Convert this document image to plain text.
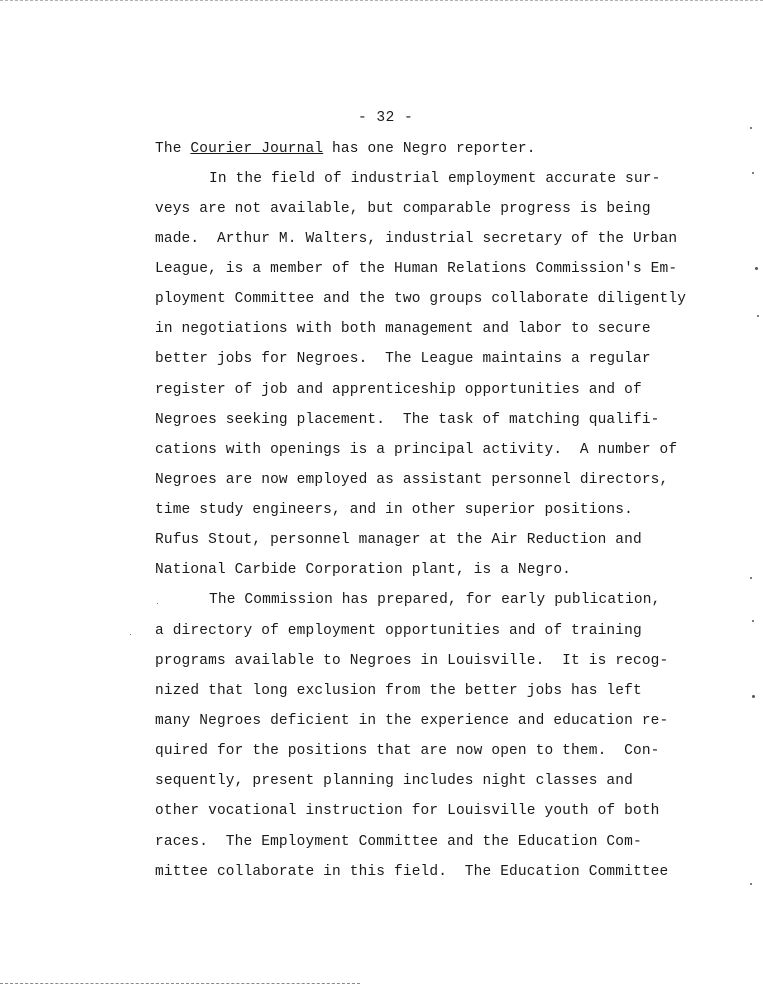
- 32 -
The Courier Journal has one Negro reporter.
In the field of industrial employment accurate sur-
veys are not available, but comparable progress is being
made.  Arthur M. Walters, industrial secretary of the Urban
League, is a member of the Human Relations Commission's Em-
ployment Committee and the two groups collaborate diligently
in negotiations with both management and labor to secure
better jobs for Negroes.  The League maintains a regular
register of job and apprenticeship opportunities and of
Negroes seeking placement.  The task of matching qualifi-
cations with openings is a principal activity.  A number of
Negroes are now employed as assistant personnel directors,
time study engineers, and in other superior positions.
Rufus Stout, personnel manager at the Air Reduction and
National Carbide Corporation plant, is a Negro.
The Commission has prepared, for early publication,
a directory of employment opportunities and of training
programs available to Negroes in Louisville.  It is recog-
nized that long exclusion from the better jobs has left
many Negroes deficient in the experience and education re-
quired for the positions that are now open to them.  Con-
sequently, present planning includes night classes and
other vocational instruction for Louisville youth of both
races.  The Employment Committee and the Education Com-
mittee collaborate in this field.  The Education Committee
